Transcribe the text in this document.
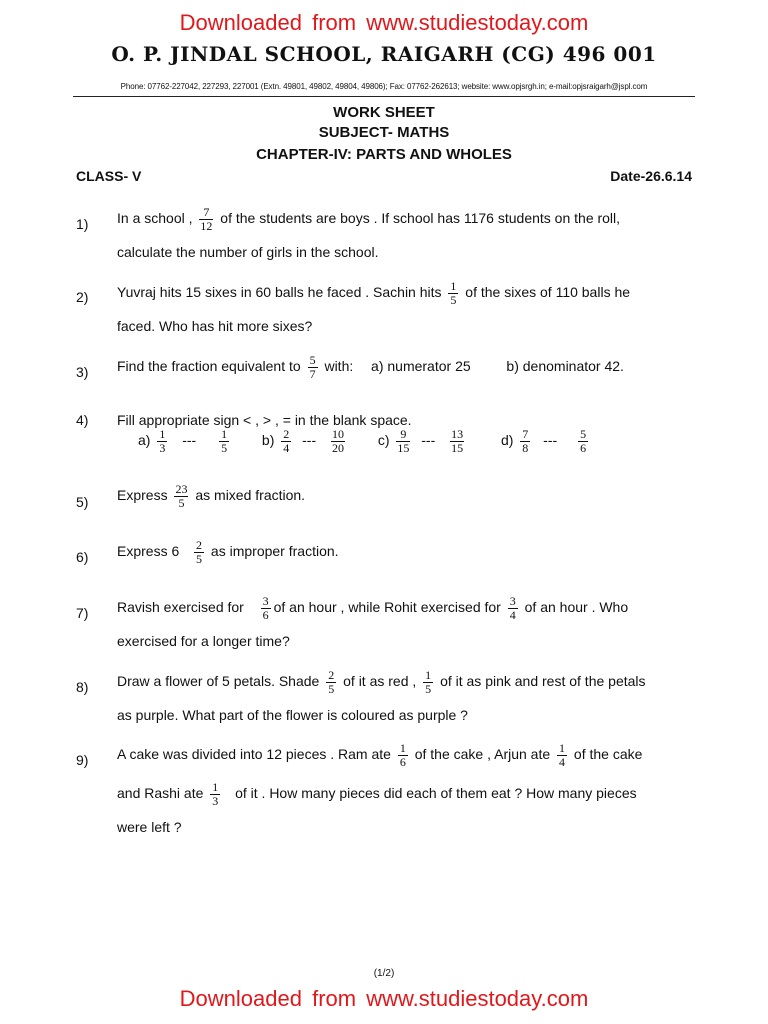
Downloaded from www.studiestoday.com
O. P. JINDAL SCHOOL, RAIGARH (CG) 496 001
Phone: 07762-227042, 227293, 227001 (Extn. 49801, 49802, 49804, 49806); Fax: 07762-262613; website: www.opjsrgh.in; e-mail:opjsraigarh@jspl.com
WORK SHEET
SUBJECT- MATHS
CHAPTER-IV: PARTS AND WHOLES
CLASS- V	Date-26.6.14
1) In a school , $\frac{7}{12}$ of the students are boys . If school has 1176 students on the roll,
calculate the number of girls in the school.
2) Yuvraj hits 15 sixes in 60 balls he faced . Sachin hits $\frac{1}{5}$ of the sixes of 110 balls he
faced. Who has hit more sixes?
3) Find the fraction equivalent to $\frac{5}{7}$ with: a) numerator 25	b) denominator 42.
4) Fill appropriate sign < , > , = in the blank space.
$a) \frac{1}{3}$ --- $\frac{1}{5} b) \frac{2}{4}$ --- $\frac{10}{20} c) \frac{9}{15}$ --- $\frac{13}{15}$	$d) \frac{7}{8}$ --- $\frac{5}{6}$
5) Express $\frac{23}{5}$ as mixed fraction.
6) Express $6 \frac{2}{5}$ as improper fraction.
7) Ravish exercised for $\frac{3}{6}$ of an hour , while Rohit exercised for $\frac{3}{4}$ of an hour . Who
exercised for a longer time?
8) Draw a flower of 5 petals. Shade $\frac{2}{5}$ of it as red , $\frac{1}{5}$ of it as pink and rest of the petals
as purple. What part of the flower is coloured as purple ?
9) A cake was divided into 12 pieces . Ram ate $\frac{1}{6}$ of the cake , Arjun ate $\frac{1}{4}$ of the cake
and Rashi ate $\frac{1}{3}$ of it . How many pieces did each of them eat ? How many pieces
were left ?
(1/2)
Downloaded from www.studiestoday.com
